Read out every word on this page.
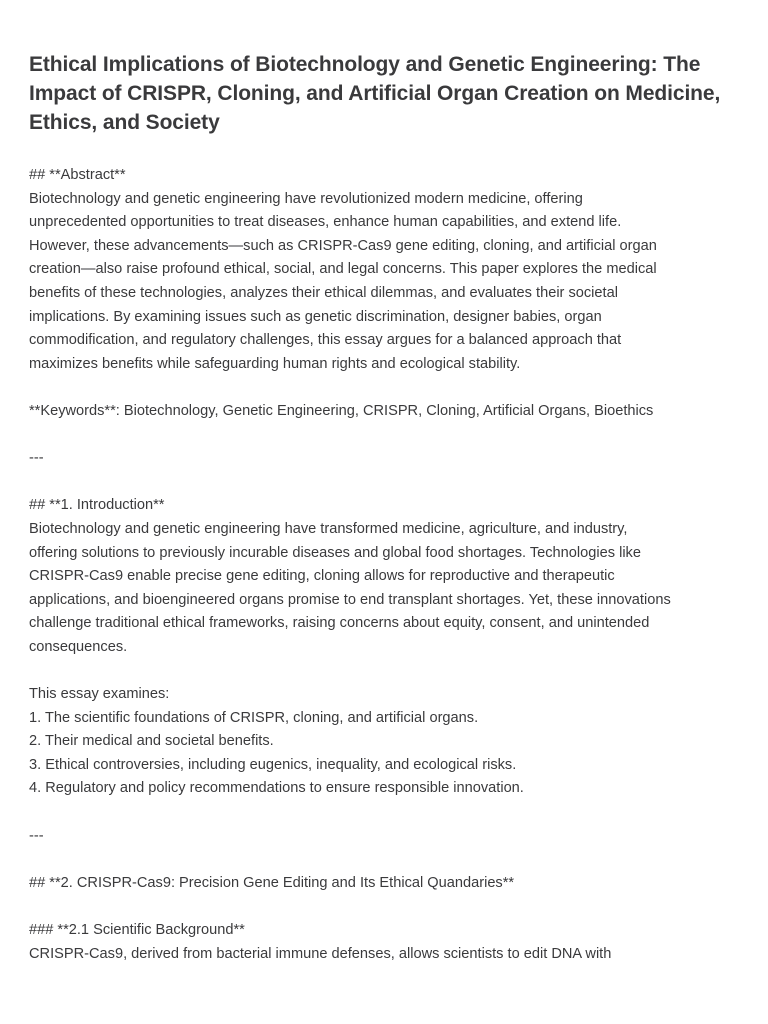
Ethical Implications of Biotechnology and Genetic Engineering: The Impact of CRISPR, Cloning, and Artificial Organ Creation on Medicine, Ethics, and Society
## **Abstract**
Biotechnology and genetic engineering have revolutionized modern medicine, offering
unprecedented opportunities to treat diseases, enhance human capabilities, and extend life.
However, these advancements—such as CRISPR-Cas9 gene editing, cloning, and artificial organ
creation—also raise profound ethical, social, and legal concerns. This paper explores the medical
benefits of these technologies, analyzes their ethical dilemmas, and evaluates their societal
implications. By examining issues such as genetic discrimination, designer babies, organ
commodification, and regulatory challenges, this essay argues for a balanced approach that
maximizes benefits while safeguarding human rights and ecological stability.
**Keywords**: Biotechnology, Genetic Engineering, CRISPR, Cloning, Artificial Organs, Bioethics
---
## **1. Introduction**
Biotechnology and genetic engineering have transformed medicine, agriculture, and industry,
offering solutions to previously incurable diseases and global food shortages. Technologies like
CRISPR-Cas9 enable precise gene editing, cloning allows for reproductive and therapeutic
applications, and bioengineered organs promise to end transplant shortages. Yet, these innovations
challenge traditional ethical frameworks, raising concerns about equity, consent, and unintended
consequences.
This essay examines:
1. The scientific foundations of CRISPR, cloning, and artificial organs.
2. Their medical and societal benefits.
3. Ethical controversies, including eugenics, inequality, and ecological risks.
4. Regulatory and policy recommendations to ensure responsible innovation.
---
## **2. CRISPR-Cas9: Precision Gene Editing and Its Ethical Quandaries**
### **2.1 Scientific Background**
CRISPR-Cas9, derived from bacterial immune defenses, allows scientists to edit DNA with
